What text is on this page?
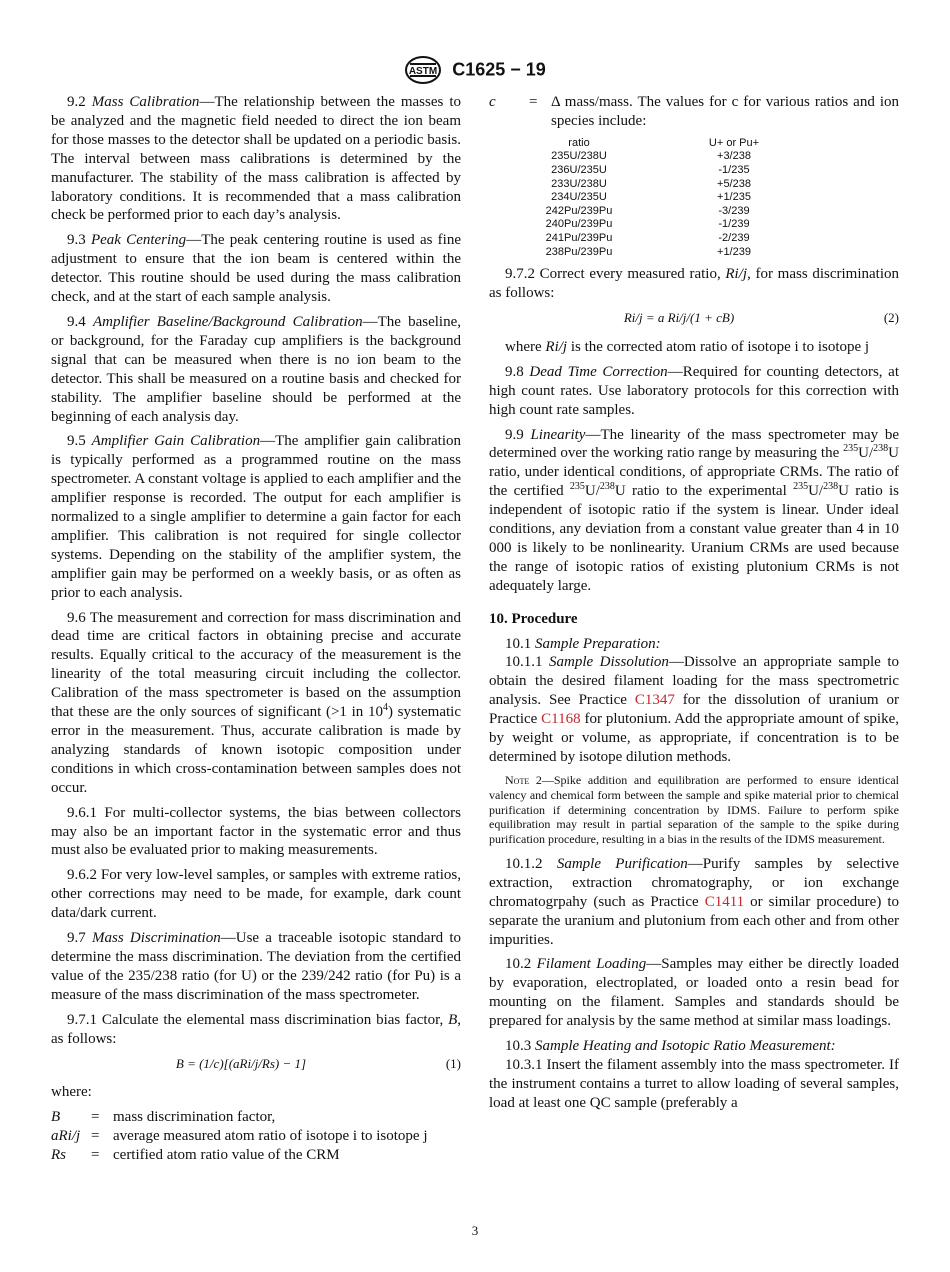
ASTM C1625 − 19

9.2 Mass Calibration—The relationship between the masses to be analyzed and the magnetic field needed to direct the ion beam for those masses to the detector shall be updated on a periodic basis. The interval between mass calibrations is determined by the manufacturer. The stability of the mass calibration is affected by laboratory conditions. It is recommended that a mass calibration check be performed prior to each day’s analysis.

9.3 Peak Centering—The peak centering routine is used as fine adjustment to ensure that the ion beam is centered within the detector. This routine should be used during the mass calibration check, and at the start of each sample analysis.

9.4 Amplifier Baseline/Background Calibration—The baseline, or background, for the Faraday cup amplifiers is the background signal that can be measured when there is no ion beam to the detector. This shall be measured on a routine basis and checked for stability. The amplifier baseline should be performed at the beginning of each analysis day.

9.5 Amplifier Gain Calibration—The amplifier gain calibration is typically performed as a programmed routine on the mass spectrometer. A constant voltage is applied to each amplifier and the amplifier response is recorded. The output for each amplifier is normalized to a single amplifier to determine a gain factor for each amplifier. This calibration is not required for single collector systems. Depending on the stability of the amplifier system, the amplifier gain may be performed on a weekly basis, or as often as prior to each analysis.

9.6 The measurement and correction for mass discrimination and dead time are critical factors in obtaining precise and accurate results. Equally critical to the accuracy of the measurement is the linearity of the total measuring circuit including the collector. Calibration of the mass spectrometer is based on the assumption that these are the only sources of significant (>1 in $10^4$) systematic error in the measurement. Thus, accurate calibration is made by analyzing standards of known isotopic composition under conditions in which cross-contamination between samples does not occur.

9.6.1 For multi-collector systems, the bias between collectors may also be an important factor in the systematic error and thus must also be evaluated prior to making measurements.

9.6.2 For very low-level samples, or samples with extreme ratios, other corrections may need to be made, for example, dark count data/dark current.

9.7 Mass Discrimination—Use a traceable isotopic standard to determine the mass discrimination. The deviation from the certified value of the 235/238 ratio (for U) or the 239/242 ratio (for Pu) is a measure of the mass discrimination of the mass spectrometer.

9.7.1 Calculate the elemental mass discrimination bias factor, B, as follows:

B = (1/c)[(aRi/j/Rs) − 1]	(1)

where:

B	= mass discrimination factor,
aRi/j = average measured atom ratio of isotope i to isotope j
Rs	= certified atom ratio value of the CRM
c	= Δ mass/mass. The values for c for various ratios and ion species include:
ratio	U+ or Pu+
235U/238U	+3/238
236U/235U	-1/235
233U/238U	+5/238
234U/235U	+1/235
242Pu/239Pu	-3/239
240Pu/239Pu	-1/239
241Pu/239Pu	-2/239
238Pu/239Pu	+1/239

9.7.2 Correct every measured ratio, Ri/j, for mass discrimination as follows:

Ri/j = a Ri/j/(1 + cB)	(2)

where Ri/j is the corrected atom ratio of isotope i to isotope j

9.8 Dead Time Correction—Required for counting detectors, at high count rates. Use laboratory protocols for this correction with high count rate samples.

9.9 Linearity—The linearity of the mass spectrometer may be determined over the working ratio range by measuring the $^{235}$U/$^{238}$U ratio, under identical conditions, of appropriate CRMs. The ratio of the certified $^{235}$U/$^{238}$U ratio to the experimental $^{235}$U/$^{238}$U ratio is independent of isotopic ratio if the system is linear. Under ideal conditions, any deviation from a constant value greater than 4 in 10 000 is likely to be nonlinearity. Uranium CRMs are used because the range of isotopic ratios of existing plutonium CRMs is not adequately large.

10. Procedure

10.1 Sample Preparation:

10.1.1 Sample Dissolution—Dissolve an appropriate sample to obtain the desired filament loading for the mass spectrometric analysis. See Practice C1347 for the dissolution of uranium or Practice C1168 for plutonium. Add the appropriate amount of spike, by weight or volume, as appropriate, if concentration is to be determined by isotope dilution methods.

Note 2—Spike addition and equilibration are performed to ensure identical valency and chemical form between the sample and spike material prior to chemical purification if determining concentration by IDMS. Failure to perform spike equilibration may result in partial separation of the sample to the spike during purification procedure, resulting in a bias in the results of the IDMS measurement.

10.1.2 Sample Purification—Purify samples by selective extraction, extraction chromatography, or ion exchange chromatogrpahy (such as Practice C1411 or similar procedure) to separate the uranium and plutonium from each other and from other impurities.

10.2 Filament Loading—Samples may either be directly loaded by evaporation, electroplated, or loaded onto a resin bead for mounting on the filament. Samples and standards should be prepared for analysis by the same method at similar mass loadings.

10.3 Sample Heating and Isotopic Ratio Measurement:

10.3.1 Insert the filament assembly into the mass spectrometer. If the instrument contains a turret to allow loading of several samples, load at least one QC sample (preferably a

3
